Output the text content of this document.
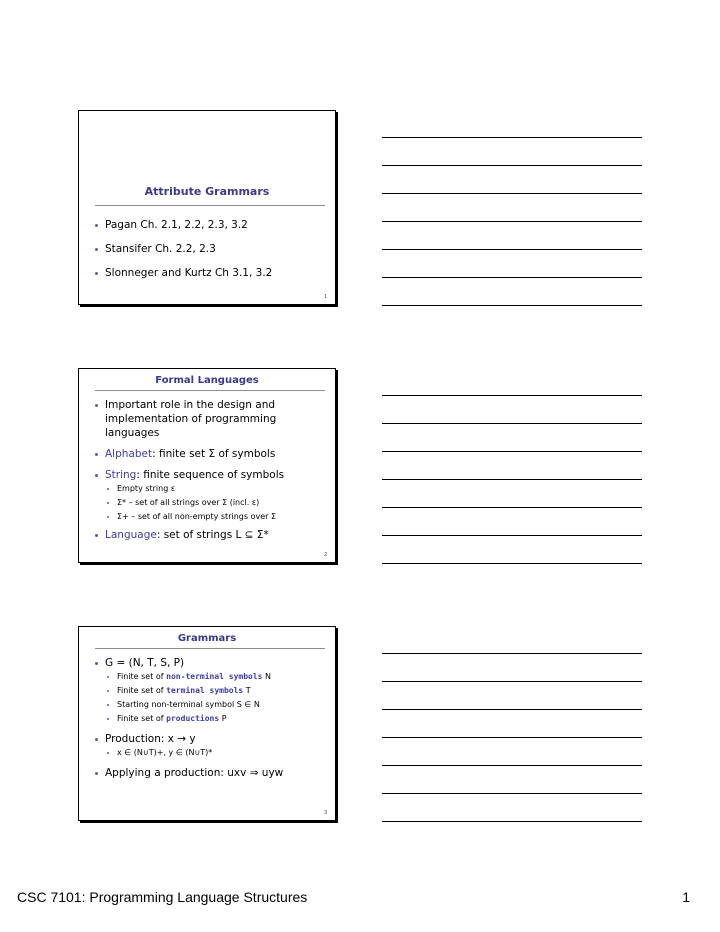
Attribute Grammars
Pagan Ch. 2.1, 2.2, 2.3, 3.2
Stansifer Ch. 2.2, 2.3
Slonneger and Kurtz Ch 3.1, 3.2
1
Formal Languages
Important role in the design and
implementation of programming languages
Alphabet: finite set Σ of symbols
String: finite sequence of symbols
Empty string ε
Σ* – set of all strings over Σ (incl. ε)
Σ+ – set of all non-empty strings over Σ
Language: set of strings L ⊆ Σ*
2
Grammars
G = (N, T, S, P)
Finite set of non-terminal symbols N
Finite set of terminal symbols T
Starting non-terminal symbol S ∈ N
Finite set of productions P
Production: x → y
x ∈ (N∪T)+, y ∈ (N∪T)*
Applying a production: uxv ⇒ uyw
3
CSC 7101: Programming Language Structures	1
